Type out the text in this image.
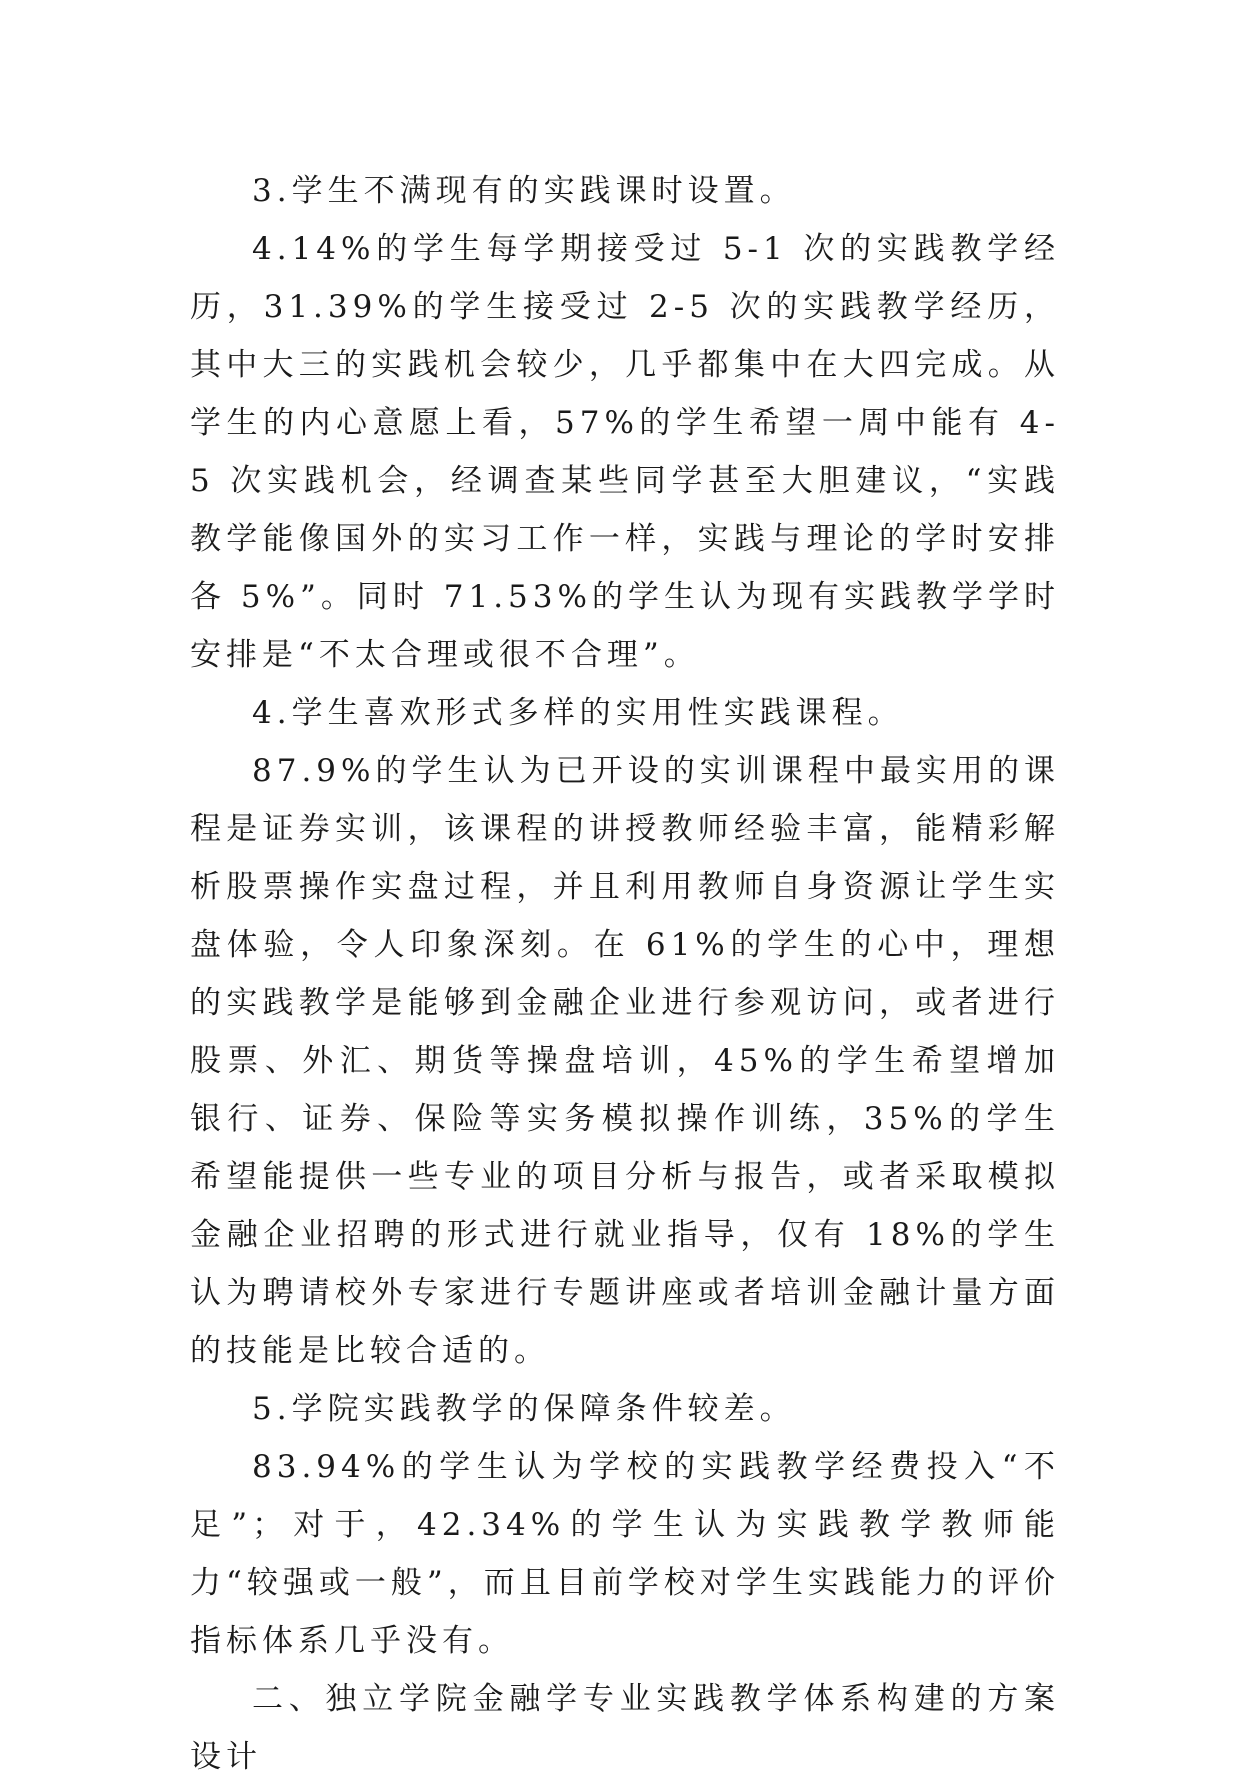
3.学生不满现有的实践课时设置。

4.14%的学生每学期接受过 5-1 次的实践教学经历，31.39%的学生接受过 2-5 次的实践教学经历，其中大三的实践机会较少，几乎都集中在大四完成。从学生的内心意愿上看，57%的学生希望一周中能有 4-5 次实践机会，经调查某些同学甚至大胆建议，“实践教学能像国外的实习工作一样，实践与理论的学时安排各 5%”。同时 71.53%的学生认为现有实践教学学时安排是“不太合理或很不合理”。

4.学生喜欢形式多样的实用性实践课程。

87.9%的学生认为已开设的实训课程中最实用的课程是证券实训，该课程的讲授教师经验丰富，能精彩解析股票操作实盘过程，并且利用教师自身资源让学生实盘体验，令人印象深刻。在 61%的学生的心中，理想的实践教学是能够到金融企业进行参观访问，或者进行股票、外汇、期货等操盘培训，45%的学生希望增加银行、证券、保险等实务模拟操作训练，35%的学生希望能提供一些专业的项目分析与报告，或者采取模拟金融企业招聘的形式进行就业指导，仅有 18%的学生认为聘请校外专家进行专题讲座或者培训金融计量方面的技能是比较合适的。

5.学院实践教学的保障条件较差。

83.94%的学生认为学校的实践教学经费投入“不足”；对于，42.34%的学生认为实践教学教师能力“较强或一般”，而且目前学校对学生实践能力的评价指标体系几乎没有。

二、独立学院金融学专业实践教学体系构建的方案设计
